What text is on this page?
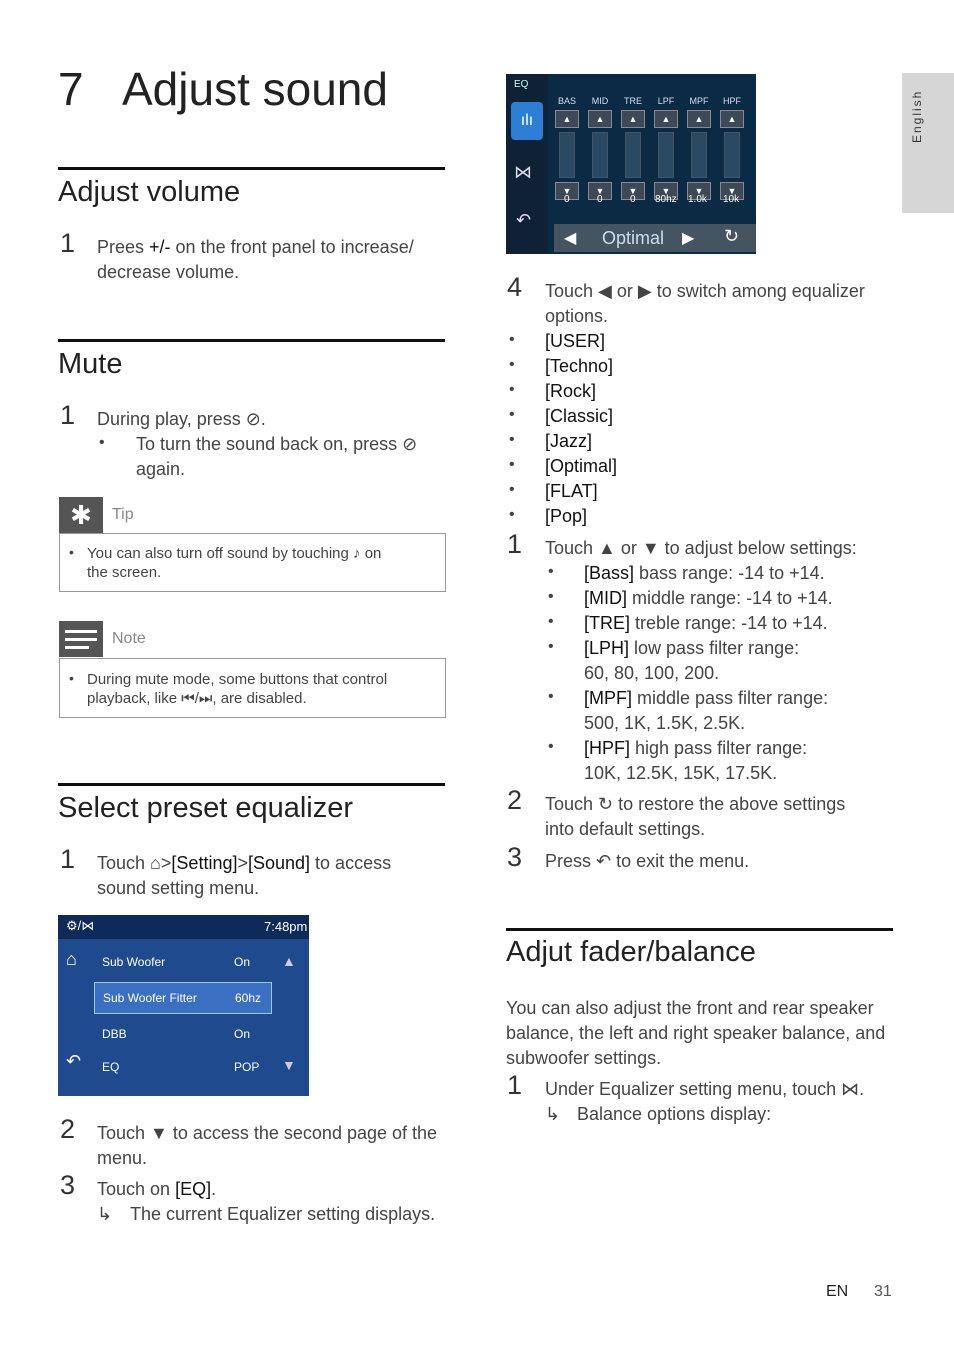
7 Adjust sound
English
Adjust volume
1 Prees +/- on the front panel to increase/
decrease volume.
Mute
1 During play, press ⊘.
• To turn the sound back on, press ⊘
again.
✱	Tip
• You can also turn off sound by touching ♪ on
the screen.
Note
• During mute mode, some buttons that control
playback, like ⏮/⏭, are disabled.
Select preset equalizer
1 Touch ⌂>[Setting]>[Sound] to access
sound setting menu.
⚙/⋈	7:48pm
⌂
↶
▲
▼
Sub Woofer	On
Sub Woofer Fitter	60hz
DBB	On
EQ	POP
2 Touch ▼ to access the second page of the
menu.
3 Touch on [EQ].
↳ The current Equalizer setting displays.
EQ
ılı
⋈
↶
BAS
▲
▼
MID
▲
▼
TRE
▲
▼
LPF
▲
▼
MPF
▲
▼
HPF
▲
▼
0	0	0 80hz 1.0k 10k
◀ Optimal ▶ ↻
4 Touch ◀ or ▶ to switch among equalizer
options.
• [USER]
• [Techno]
• [Rock]
• [Classic]
• [Jazz]
• [Optimal]
• [FLAT]
• [Pop]
1 Touch ▲ or ▼ to adjust below settings:
• [Bass] bass range: -14 to +14.
• [MID] middle range: -14 to +14.
• [TRE] treble range: -14 to +14.
• [LPH] low pass filter range:
60, 80, 100, 200.
• [MPF] middle pass filter range:
500, 1K, 1.5K, 2.5K.
• [HPF] high pass filter range:
10K, 12.5K, 15K, 17.5K.
2 Touch ↻ to restore the above settings
into default settings.
3 Press ↶ to exit the menu.
Adjut fader/balance
You can also adjust the front and rear speaker
balance, the left and right speaker balance, and
subwoofer settings.
1 Under Equalizer setting menu, touch ⋈.
↳ Balance options display:
EN 31
